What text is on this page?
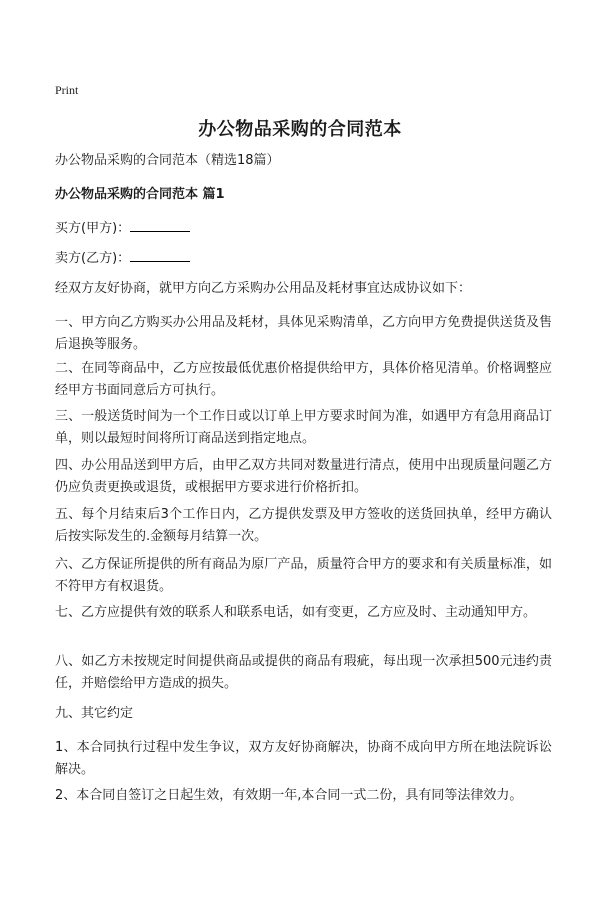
Print
办公物品采购的合同范本
办公物品采购的合同范本（精选18篇）
办公物品采购的合同范本 篇1
买方(甲方)：
卖方(乙方)：
经双方友好协商，就甲方向乙方采购办公用品及耗材事宜达成协议如下：
一、甲方向乙方购买办公用品及耗材，具体见采购清单，乙方向甲方免费提供送货及售后退换等服务。
二、在同等商品中，乙方应按最低优惠价格提供给甲方，具体价格见清单。价格调整应经甲方书面同意后方可执行。
三、一般送货时间为一个工作日或以订单上甲方要求时间为准，如遇甲方有急用商品订单，则以最短时间将所订商品送到指定地点。
四、办公用品送到甲方后，由甲乙双方共同对数量进行清点，使用中出现质量问题乙方仍应负责更换或退货，或根据甲方要求进行价格折扣。
五、每个月结束后3个工作日内，乙方提供发票及甲方签收的送货回执单，经甲方确认后按实际发生的.金额每月结算一次。
六、乙方保证所提供的所有商品为原厂产品，质量符合甲方的要求和有关质量标准，如不符甲方有权退货。
七、乙方应提供有效的联系人和联系电话，如有变更，乙方应及时、主动通知甲方。
八、如乙方未按规定时间提供商品或提供的商品有瑕疵，每出现一次承担500元违约责任，并赔偿给甲方造成的损失。
九、其它约定
1、本合同执行过程中发生争议，双方友好协商解决，协商不成向甲方所在地法院诉讼解决。
2、本合同自签订之日起生效，有效期一年,本合同一式二份，具有同等法律效力。
